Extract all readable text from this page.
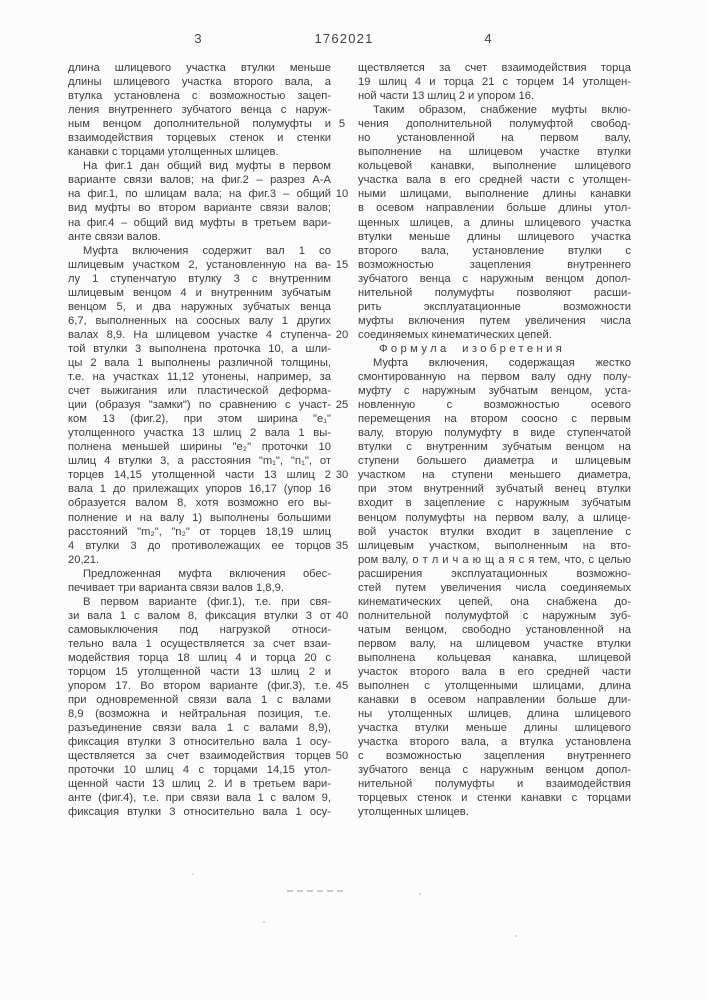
3	1762021	4
длина шлицевого участка втулки меньше
длины шлицевого участка второго вала, а
втулка установлена с возможностью зацеп-
ления внутреннего зубчатого венца с наруж-
ным венцом дополнительной полумуфты и
взаимодействия торцевых стенок и стенки
канавки с торцами утолщенных шлицев.
На фиг.1 дан общий вид муфты в первом
варианте связи валов; на фиг.2 – разрез А-А
на фиг.1, по шлицам вала; на фиг.3 – общий
вид муфты во втором варианте связи валов;
на фиг.4 – общий вид муфты в третьем вари-
анте связи валов.
Муфта включения содержит вал 1 со
шлицевым участком 2, установленную на ва-
лу 1 ступенчатую втулку 3 с внутренним
шлицевым венцом 4 и внутренним зубчатым
венцом 5, и два наружных зубчатых венца
6,7, выполненных на соосных валу 1 других
валах 8,9. На шлицевом участке 4 ступенча-
той втулки 3 выполнена проточка 10, а шли-
цы 2 вала 1 выполнены различной толщины,
т.е. на участках 11,12 утонены, например, за
счет выжигания или пластической деформа-
ции (образуя "замки") по сравнению с участ-
ком 13 (фиг.2), при этом ширина "е₁"
утолщенного участка 13 шлиц 2 вала 1 вы-
полнена меньшей ширины "е₂" проточки 10
шлиц 4 втулки 3, а расстояния "m₁", "n₁", от
торцев 14,15 утолщенной части 13 шлиц 2
вала 1 до прилежащих упоров 16,17 (упор 16
образуется валом 8, хотя возможно его вы-
полнение и на валу 1) выполнены большими
расстояний "m₂", "n₂" от торцев 18,19 шлиц
4 втулки 3 до противолежащих ее торцов
20,21.
Предложенная муфта включения обес-
печивает три варианта связи валов 1,8,9.
В первом варианте (фиг.1), т.е. при свя-
зи вала 1 с валом 8, фиксация втулки 3 от
самовыключения под нагрузкой относи-
тельно вала 1 осуществляется за счет взаи-
модействия торца 18 шлиц 4 и торца 20 с
торцом 15 утолщенной части 13 шлиц 2 и
упором 17. Во втором варианте (фиг.3), т.е.
при одновременной связи вала 1 с валами
8,9 (возможна и нейтральная позиция, т.е.
разъединение связи вала 1 с валами 8,9),
фиксация втулки 3 относительно вала 1 осу-
ществляется за счет взаимодействия торцев
проточки 10 шлиц 4 с торцами 14,15 утол-
щенной части 13 шлиц 2. И в третьем вари-
анте (фиг.4), т.е. при связи вала 1 с валом 9,
фиксация втулки 3 относительно вала 1 осу-
5
10
15
20
25
30
35
40
45
50
ществляется за счет взаимодействия торца
19 шлиц 4 и торца 21 с торцем 14 утолщен-
ной части 13 шлиц 2 и упором 16.
Таким образом, снабжение муфты вклю-
чения дополнительной полумуфтой свобод-
но установленной на первом валу,
выполнение на шлицевом участке втулки
кольцевой канавки, выполнение шлицевого
участка вала в его средней части с утолщен-
ными шлицами, выполнение длины канавки
в осевом направлении больше длины утол-
щенных шлицев, а длины шлицевого участка
втулки меньше длины шлицевого участка
второго вала, установление втулки с
возможностью зацепления внутреннего
зубчатого венца с наружным венцом допол-
нительной полумуфты позволяют расши-
рить эксплуатационные возможности
муфты включения путем увеличения числа
соединяемых кинематических цепей.
Формула изобретения
Муфта включения, содержащая жестко
смонтированную на первом валу одну полу-
муфту с наружным зубчатым венцом, уста-
новленную с возможностью осевого
перемещения на втором соосно с первым
валу, вторую полумуфту в виде ступенчатой
втулки с внутренним зубчатым венцом на
ступени большего диаметра и шлицевым
участком на ступени меньшего диаметра,
при этом внутренний зубчатый венец втулки
входит в зацепление с наружным зубчатым
венцом полумуфты на первом валу, а шлице-
вой участок втулки входит в зацепление с
шлицевым участком, выполненным на вто-
ром валу, о т л и ч а ю щ а я с я тем, что, с целью
расширения эксплуатационных возможно-
стей путем увеличения числа соединяемых
кинематических цепей, она снабжена до-
полнительной полумуфтой с наружным зуб-
чатым венцом, свободно установленной на
первом валу, на шлицевом участке втулки
выполнена кольцевая канавка, шлицевой
участок второго вала в его средней части
выполнен с утолщенными шлицами, длина
канавки в осевом направлении больше дли-
ны утолщенных шлицев, длина шлицевого
участка втулки меньше длины шлицевого
участка второго вала, а втулка установлена
с возможностью зацепления внутреннего
зубчатого венца с наружным венцом допол-
нительной полумуфты и взаимодействия
торцевых стенок и стенки канавки с торцами
утолщенных шлицев.
